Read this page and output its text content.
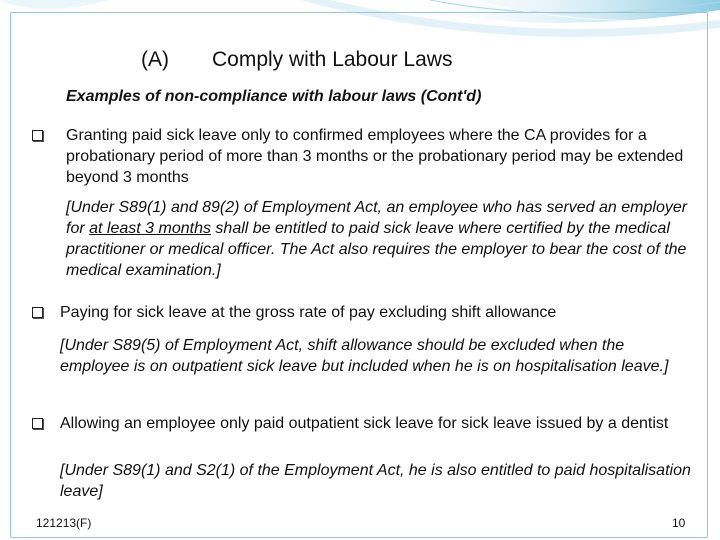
(A) Comply with Labour Laws
Examples of non-compliance with labour laws (Cont'd)
Granting paid sick leave only to confirmed employees where the CA provides for a probationary period of more than 3 months or the probationary period may be extended beyond 3 months
[Under S89(1) and 89(2) of Employment Act, an employee who has served an employer for at least 3 months shall be entitled to paid sick leave where certified by the medical practitioner or medical officer. The Act also requires the employer to bear the cost of the medical examination.]
Paying for sick leave at the gross rate of pay excluding shift allowance
[Under S89(5) of Employment Act, shift allowance should be excluded when the employee is on outpatient sick leave but included when he is on hospitalisation leave.]
Allowing an employee only paid outpatient sick leave for sick leave issued by a dentist
[Under S89(1) and S2(1) of the Employment Act, he is also entitled to paid hospitalisation leave]
121213(F)	10
